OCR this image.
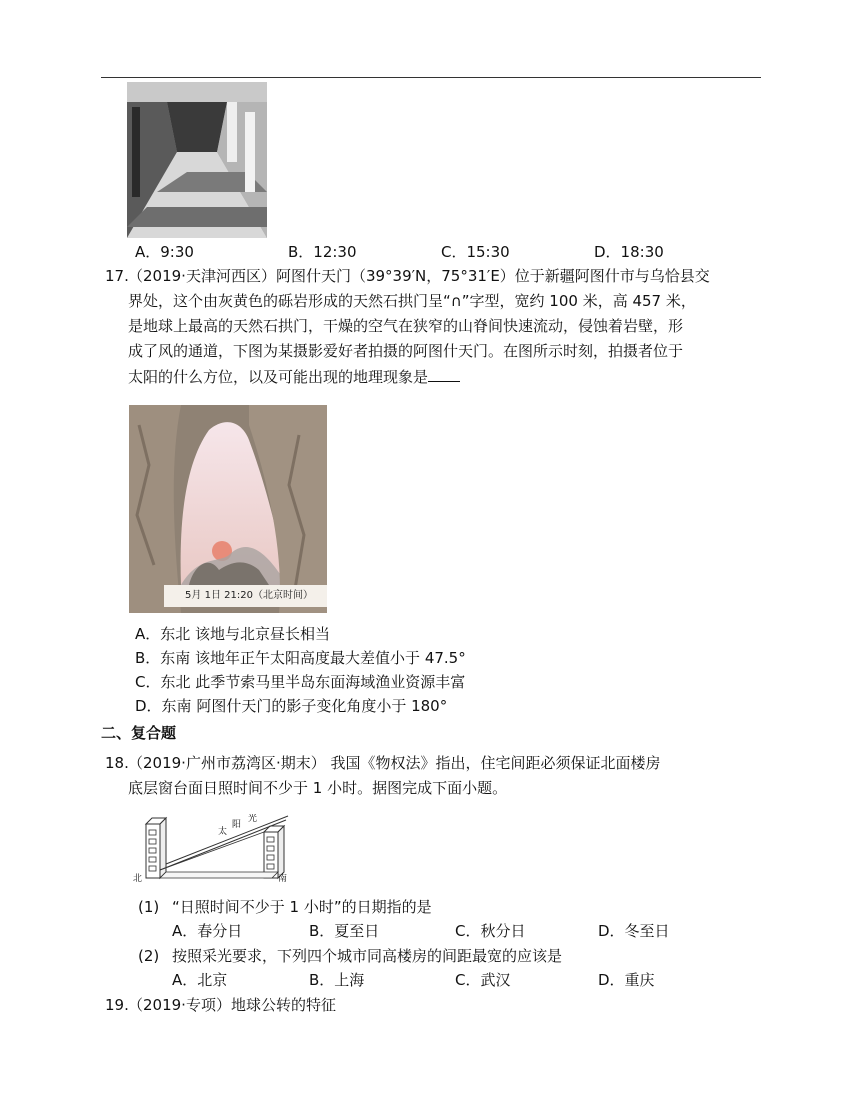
A．9:30	B．12:30	C．15:30	D．18:30
17. （2019·天津河西区）阿图什天门（39°39′N，75°31′E）位于新疆阿图什市与乌恰县交
界处，这个由灰黄色的砾岩形成的天然石拱门呈“∩”字型，宽约 100 米，高 457 米，
是地球上最高的天然石拱门，干燥的空气在狭窄的山脊间快速流动，侵蚀着岩壁，形
成了风的通道，下图为某摄影爱好者拍摄的阿图什天门。在图所示时刻，拍摄者位于
太阳的什么方位，以及可能出现的地理现象是
5月 1日 21:20（北京时间）
A．东北 该地与北京昼长相当
B．东南 该地年正午太阳高度最大差值小于 47.5°
C．东北 此季节索马里半岛东面海域渔业资源丰富
D．东南 阿图什天门的影子变化角度小于 180°
二、复合题
18. （2019·广州市荔湾区·期末） 我国《物权法》指出，住宅间距必须保证北面楼房
底层窗台面日照时间不少于 1 小时。据图完成下面小题。
太
阳
光
北	南
(1) “日照时间不少于 1 小时”的日期指的是
A．春分日	B．夏至日	C．秋分日	D．冬至日
(2) 按照采光要求，下列四个城市同高楼房的间距最宽的应该是
A．北京	B．上海	C．武汉	D．重庆
19. （2019·专项）地球公转的特征
